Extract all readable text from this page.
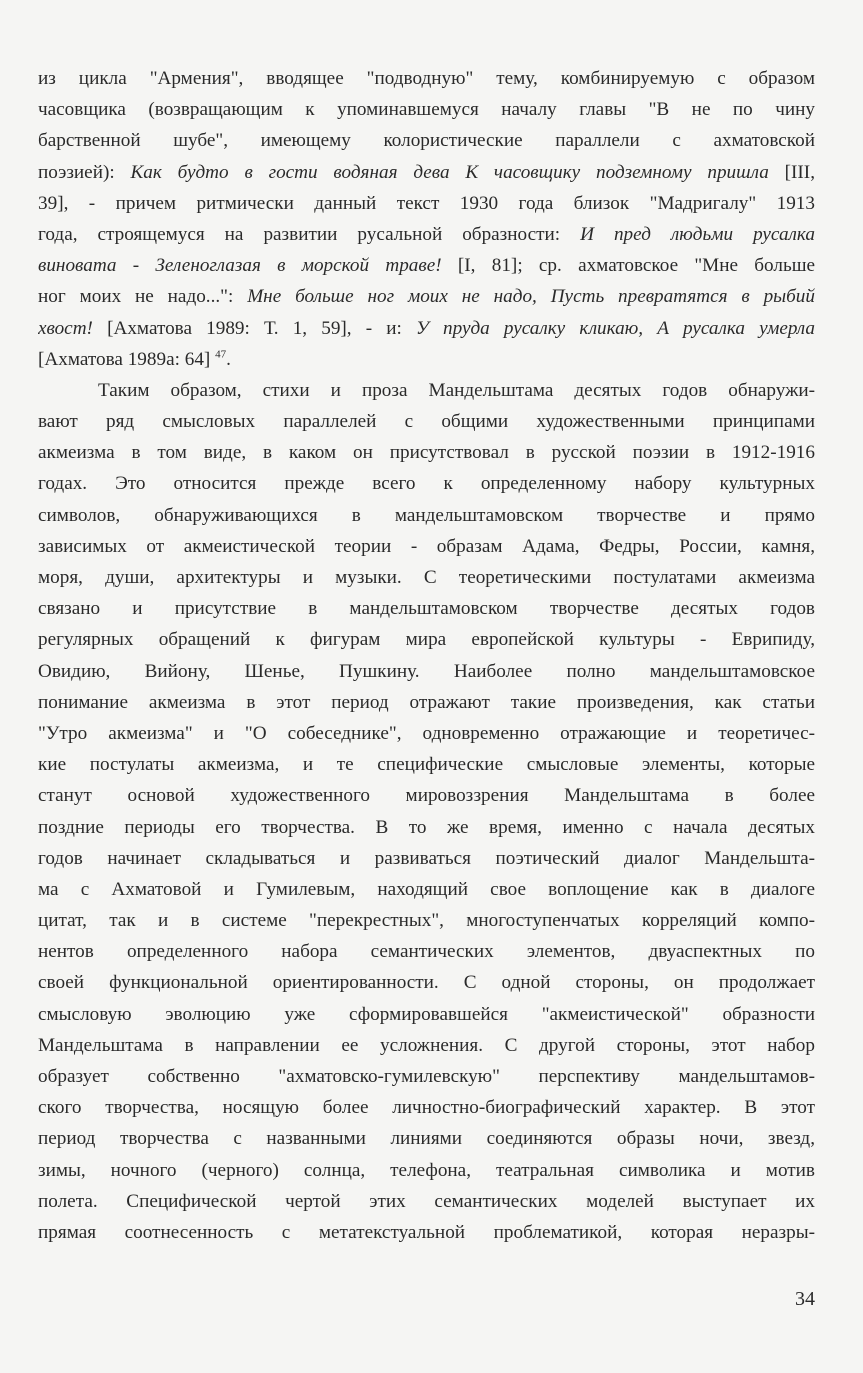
из цикла "Армения", вводящее "подводную" тему, комбинируемую с образом
часовщика (возвращающим к упоминавшемуся началу главы "В не по чину
барственной шубе", имеющему колористические параллели с ахматовской
поэзией): Как будто в гости водяная дева К часовщику подземному пришла [III,
39], - причем ритмически данный текст 1930 года близок "Мадригалу" 1913
года, строящемуся на развитии русальной образности: И пред людьми русалка
виновата - Зеленоглазая в морской траве! [I, 81]; ср. ахматовское "Мне больше
ног моих не надо...": Мне больше ног моих не надо, Пусть превратятся в рыбий
хвост! [Ахматова 1989: Т. 1, 59], - и: У пруда русалку кликаю, А русалка умерла
[Ахматова 1989а: 64] $^{47}$.
Таким образом, стихи и проза Мандельштама десятых годов обнаружи-
вают ряд смысловых параллелей с общими художественными принципами
акмеизма в том виде, в каком он присутствовал в русской поэзии в 1912-1916
годах. Это относится прежде всего к определенному набору культурных
символов, обнаруживающихся в мандельштамовском творчестве и прямо
зависимых от акмеистической теории - образам Адама, Федры, России, камня,
моря, души, архитектуры и музыки. С теоретическими постулатами акмеизма
связано и присутствие в мандельштамовском творчестве десятых годов
регулярных обращений к фигурам мира европейской культуры - Еврипиду,
Овидию, Вийону, Шенье, Пушкину. Наиболее полно мандельштамовское
понимание акмеизма в этот период отражают такие произведения, как статьи
"Утро акмеизма" и "О собеседнике", одновременно отражающие и теоретичес-
кие постулаты акмеизма, и те специфические смысловые элементы, которые
станут основой художественного мировоззрения Мандельштама в более
поздние периоды его творчества. В то же время, именно с начала десятых
годов начинает складываться и развиваться поэтический диалог Мандельшта-
ма с Ахматовой и Гумилевым, находящий свое воплощение как в диалоге
цитат, так и в системе "перекрестных", многоступенчатых корреляций компо-
нентов определенного набора семантических элементов, двуаспектных по
своей функциональной ориентированности. С одной стороны, он продолжает
смысловую эволюцию уже сформировавшейся "акмеистической" образности
Мандельштама в направлении ее усложнения. С другой стороны, этот набор
образует собственно "ахматовско-гумилевскую" перспективу мандельштамов-
ского творчества, носящую более личностно-биографический характер. В этот
период творчества с названными линиями соединяются образы ночи, звезд,
зимы, ночного (черного) солнца, телефона, театральная символика и мотив
полета. Специфической чертой этих семантических моделей выступает их
прямая соотнесенность с метатекстуальной проблематикой, которая неразры-
34
